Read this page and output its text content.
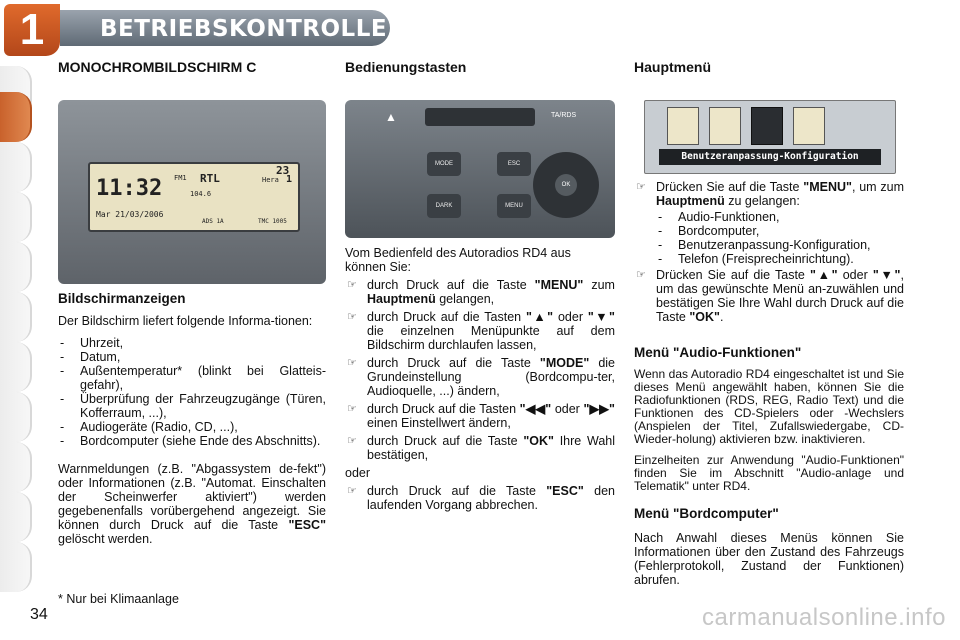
1	BETRIEBSKONTROLLE
MONOCHROMBILDSCHIRM C
11:32
Mar 21/03/2006
FM1 RTL
23
104.6
Hera 1
ADS 1A	TMC 1005
Bildschirmanzeigen

Der Bildschirm liefert folgende Informa-tionen:

- Uhrzeit,
- Datum,
- Außentemperatur* (blinkt bei Glatteis-gefahr),
- Überprüfung der Fahrzeugzugänge (Türen, Kofferraum, ...),
- Audiogeräte (Radio, CD, ...),
- Bordcomputer (siehe Ende des Abschnitts).

Warnmeldungen (z.B. "Abgassystem de-fekt") oder Informationen (z.B. "Automat. Einschalten der Scheinwerfer aktiviert") werden gegebenenfalls vorübergehend angezeigt. Sie können durch Druck auf die Taste "ESC" gelöscht werden.

* Nur bei Klimaanlage
34
Bedienungstasten
▲	TA/RDS
MODE
DARK
ESC
MENU
OK

Vom Bedienfeld des Autoradios RD4 aus können Sie:

☞ durch Druck auf die Taste "MENU" zum Hauptmenü gelangen,
☞ durch Druck auf die Tasten "▲" oder "▼" die einzelnen Menüpunkte auf dem Bildschirm durchlaufen lassen,
☞ durch Druck auf die Taste "MODE" die Grundeinstellung (Bordcompu-ter, Audioquelle, ...) ändern,
☞ durch Druck auf die Tasten "◀◀" oder "▶▶" einen Einstellwert ändern,
☞ durch Druck auf die Taste "OK" Ihre Wahl bestätigen,

oder

☞ durch Druck auf die Taste "ESC" den laufenden Vorgang abbrechen.
Hauptmenü
Benutzeranpassung-Konfiguration
☞ Drücken Sie auf die Taste "MENU", um zum Hauptmenü zu gelangen:
- Audio-Funktionen,
- Bordcomputer,
- Benutzeranpassung-Konfiguration,
- Telefon (Freisprecheinrichtung).
☞ Drücken Sie auf die Taste "▲" oder "▼", um das gewünschte Menü an-zuwählen und bestätigen Sie Ihre Wahl durch Druck auf die Taste "OK".
Menü "Audio-Funktionen"

Wenn das Autoradio RD4 eingeschaltet ist und Sie dieses Menü angewählt haben, können Sie die Radiofunktionen (RDS, REG, Radio Text) und die Funktionen des CD-Spielers oder -Wechslers (Anspielen der Titel, Zufallswiedergabe, CD-Wieder-holung) aktivieren bzw. inaktivieren.

Einzelheiten zur Anwendung "Audio-Funktionen" finden Sie im Abschnitt "Audio-anlage und Telematik" unter RD4.

Menü "Bordcomputer"

Nach Anwahl dieses Menüs können Sie Informationen über den Zustand des Fahrzeugs (Fehlerprotokoll, Zustand der Funktionen) abrufen.

carmanualsonline.info
